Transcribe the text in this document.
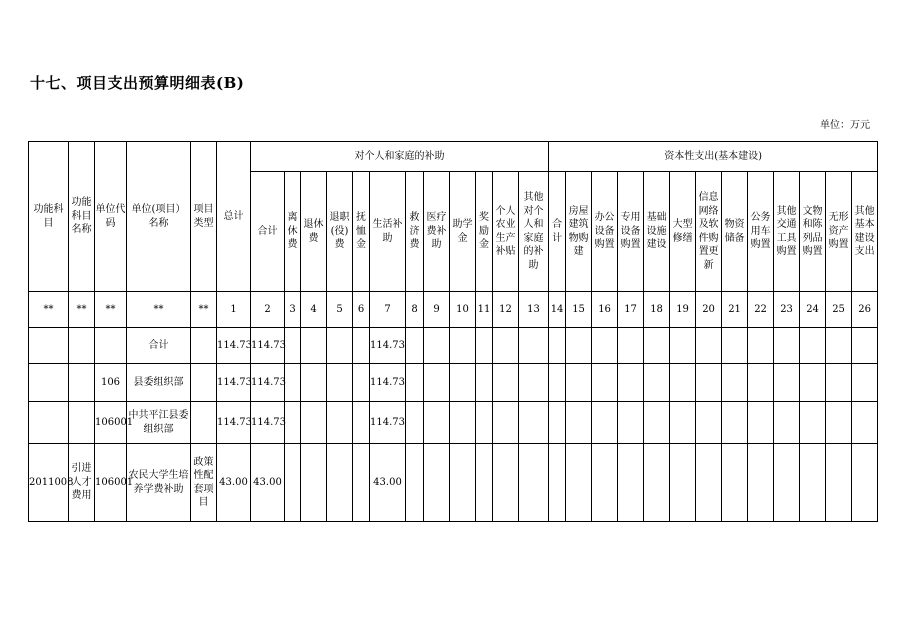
十七、项目支出预算明细表(B)
单位：万元
功能科目	功能科目名称	单位代码	单位(项目）名称	项目类型	总计	对个人和家庭的补助												资本性支出(基本建设)												
						合计	离休费	退休费	退职(役)费	抚恤金	生活补助	救济费	医疗费补助	助学金	奖励金	个人农业生产补贴	其他对个人和家庭的补助	合计	房屋建筑物购建	办公设备购置	专用设备购置	基础设施建设	大型修缮	信息网络及软件购置更新	物资储备	公务用车购置	其他交通工具购置	文物和陈列品购置	无形资产购置	其他基本建设支出
**	**	**	**	**	1	2	3	4	5	6	7	8	9	10	11	12	13	14	15	16	17	18	19	20	21	22	23	24	25	26
			合计		114.73	114.73					114.73																			
		106	县委组织部		114.73	114.73					114.73																			
		106001	中共平江县委组织部		114.73	114.73					114.73																			
2011008	引进人才费用	106001	农民大学生培养学费补助	政策性配套项目	43.00	43.00					43.00																			
